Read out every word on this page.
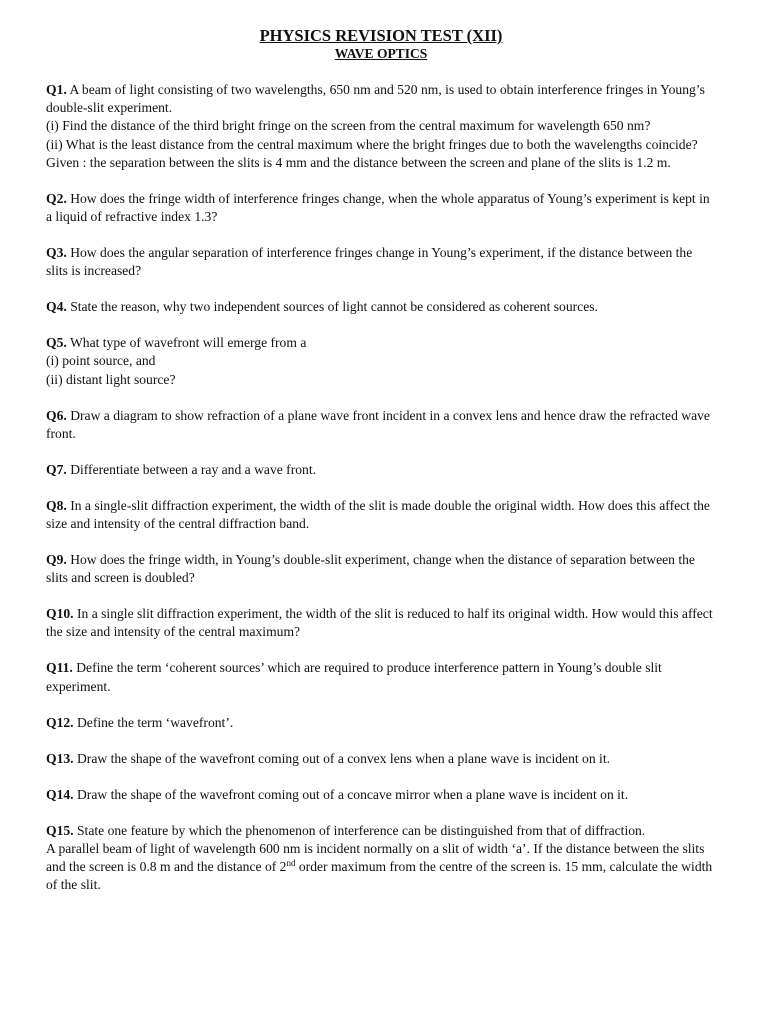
PHYSICS REVISION TEST (XII)
WAVE OPTICS

Q1. A beam of light consisting of two wavelengths, 650 nm and 520 nm, is used to obtain interference fringes in Young’s double-slit experiment.

(i) Find the distance of the third bright fringe on the screen from the central maximum for wavelength 650 nm?

(ii) What is the least distance from the central maximum where the bright fringes due to both the wavelengths coincide?

Given : the separation between the slits is 4 mm and the distance between the screen and plane of the slits is 1.2 m.

Q2. How does the fringe width of interference fringes change, when the whole apparatus of Young’s experiment is kept in a liquid of refractive index 1.3?

Q3. How does the angular separation of interference fringes change in Young’s experiment, if the distance between the slits is increased?

Q4. State the reason, why two independent sources of light cannot be considered as coherent sources.

Q5. What type of wavefront will emerge from a

(i) point source, and

(ii) distant light source?

Q6. Draw a diagram to show refraction of a plane wave front incident in a convex lens and hence draw the refracted wave front.

Q7. Differentiate between a ray and a wave front.

Q8. In a single-slit diffraction experiment, the width of the slit is made double the original width. How does this affect the size and intensity of the central diffraction band.

Q9. How does the fringe width, in Young’s double-slit experiment, change when the distance of separation between the slits and screen is doubled?

Q10. In a single slit diffraction experiment, the width of the slit is reduced to half its original width. How would this affect the size and intensity of the central maximum?

Q11. Define the term ‘coherent sources’ which are required to produce interference pattern in Young’s double slit experiment.

Q12. Define the term ‘wavefront’.

Q13. Draw the shape of the wavefront coming out of a convex lens when a plane wave is incident on it.

Q14. Draw the shape of the wavefront coming out of a concave mirror when a plane wave is incident on it.

Q15. State one feature by which the phenomenon of interference can be distinguished from that of diffraction.

A parallel beam of light of wavelength 600 nm is incident normally on a slit of width ‘a’. If the distance between the slits and the screen is 0.8 m and the distance of 2nd order maximum from the centre of the screen is. 15 mm, calculate the width of the slit.
